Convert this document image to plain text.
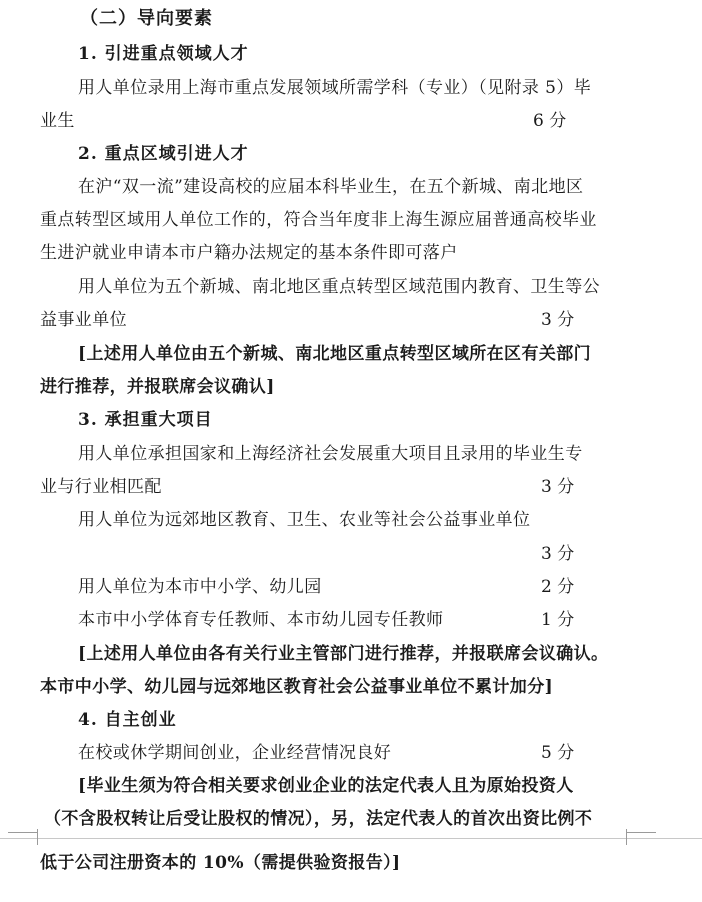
（二）导向要素
1. 引进重点领域人才
用人单位录用上海市重点发展领域所需学科（专业）（见附录 5）毕
业生	6 分
2. 重点区域引进人才
在沪“双一流”建设高校的应届本科毕业生，在五个新城、南北地区
重点转型区域用人单位工作的，符合当年度非上海生源应届普通高校毕业
生进沪就业申请本市户籍办法规定的基本条件即可落户
用人单位为五个新城、南北地区重点转型区域范围内教育、卫生等公
益事业单位	3 分
[上述用人单位由五个新城、南北地区重点转型区域所在区有关部门
进行推荐，并报联席会议确认]
3. 承担重大项目
用人单位承担国家和上海经济社会发展重大项目且录用的毕业生专
业与行业相匹配	3 分
用人单位为远郊地区教育、卫生、农业等社会公益事业单位
3 分
用人单位为本市中小学、幼儿园	2 分
本市中小学体育专任教师、本市幼儿园专任教师	1 分
[上述用人单位由各有关行业主管部门进行推荐，并报联席会议确认。
本市中小学、幼儿园与远郊地区教育社会公益事业单位不累计加分]
4. 自主创业
在校或休学期间创业，企业经营情况良好	5 分
[毕业生须为符合相关要求创业企业的法定代表人且为原始投资人
（不含股权转让后受让股权的情况），另，法定代表人的首次出资比例不
低于公司注册资本的 10%（需提供验资报告）]
